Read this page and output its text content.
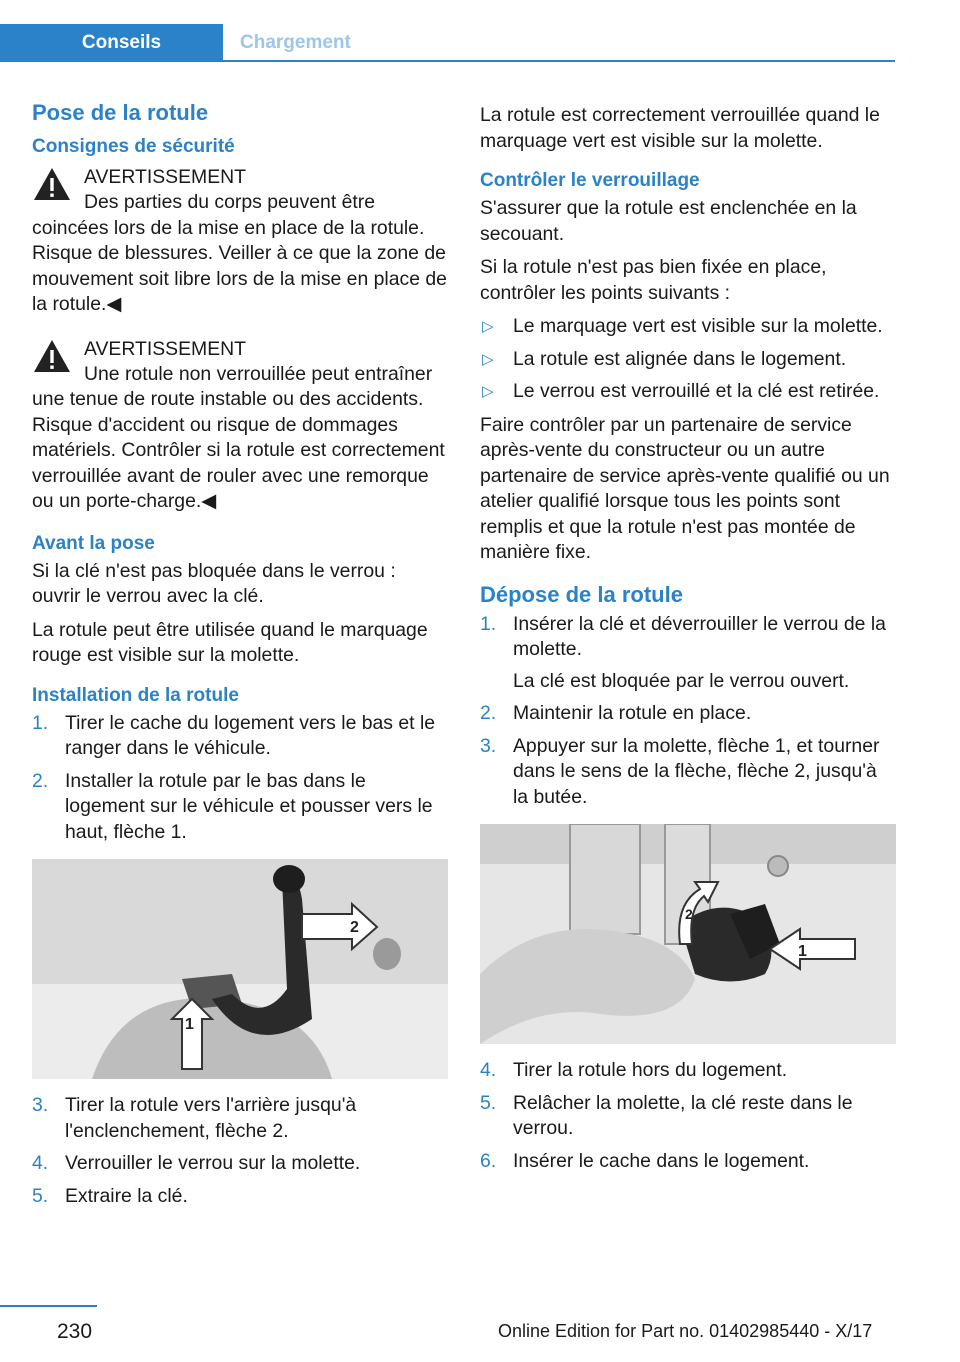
Conseils	Chargement
Pose de la rotule
Consignes de sécurité
AVERTISSEMENT
Des parties du corps peuvent être coincées lors de la mise en place de la rotule. Risque de blessures. Veiller à ce que la zone de mouvement soit libre lors de la mise en place de la rotule.◀
AVERTISSEMENT
Une rotule non verrouillée peut entraîner une tenue de route instable ou des accidents. Risque d'accident ou risque de dommages matériels. Contrôler si la rotule est correctement verrouillée avant de rouler avec une remorque ou un porte-charge.◀
Avant la pose
Si la clé n'est pas bloquée dans le verrou : ouvrir le verrou avec la clé.
La rotule peut être utilisée quand le marquage rouge est visible sur la molette.
Installation de la rotule
1. Tirer le cache du logement vers le bas et le ranger dans le véhicule.
2. Installer la rotule par le bas dans le logement sur le véhicule et pousser vers le haut, flèche 1.
1
2
3. Tirer la rotule vers l'arrière jusqu'à l'enclenchement, flèche 2.
4. Verrouiller le verrou sur la molette.
5. Extraire la clé.
La rotule est correctement verrouillée quand le marquage vert est visible sur la molette.
Contrôler le verrouillage
S'assurer que la rotule est enclenchée en la secouant.
Si la rotule n'est pas bien fixée en place, contrôler les points suivants :
▷ Le marquage vert est visible sur la molette.
▷ La rotule est alignée dans le logement.
▷ Le verrou est verrouillé et la clé est retirée.
Faire contrôler par un partenaire de service après-vente du constructeur ou un autre partenaire de service après-vente qualifié ou un atelier qualifié lorsque tous les points sont remplis et que la rotule n'est pas montée de manière fixe.
Dépose de la rotule
1. Insérer la clé et déverrouiller le verrou de la molette.
La clé est bloquée par le verrou ouvert.
2. Maintenir la rotule en place.
3. Appuyer sur la molette, flèche 1, et tourner dans le sens de la flèche, flèche 2, jusqu'à la butée.
1
2
4. Tirer la rotule hors du logement.
5. Relâcher la molette, la clé reste dans le verrou.
6. Insérer le cache dans le logement.
230	Online Edition for Part no. 01402985440 - X/17
